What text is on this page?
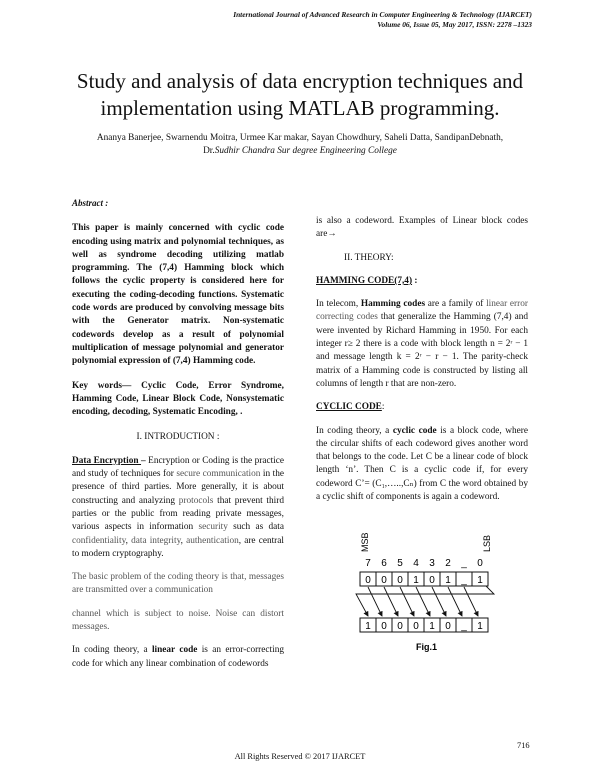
International Journal of Advanced Research in Computer Engineering & Technology (IJARCET)
Volume 06, Issue 05, May 2017, ISSN: 2278 –1323
Study and analysis of data encryption techniques and
implementation using MATLAB programming.
Ananya Banerjee, Swarnendu Moitra, Urmee Kar makar, Sayan Chowdhury, Saheli Datta, SandipanDebnath,
Dr.Sudhir Chandra Sur degree Engineering College

Abstract :

This paper is mainly concerned with cyclic code encoding using matrix and polynomial techniques, as well as syndrome decoding utilizing matlab programming. The (7,4) Hamming block which follows the cyclic property is considered here for executing the coding-decoding functions. Systematic code words are produced by convolving message bits with the Generator matrix. Non-systematic codewords develop as a result of polynomial multiplication of message polynomial and generator polynomial expression of (7,4) Hamming code.

Key words— Cyclic Code, Error Syndrome, Hamming Code, Linear Block Code, Nonsystematic encoding, decoding, Systematic Encoding, .

I. INTRODUCTION :

Data Encryption – Encryption or Coding is the practice and study of techniques for secure communication in the presence of third parties. More generally, it is about constructing and analyzing protocols that prevent third parties or the public from reading private messages, various aspects in information security such as data confidentiality, data integrity, authentication, are central to modern cryptography.

The basic problem of the coding theory is that, messages are transmitted over a communication

channel which is subject to noise. Noise can distort messages.

In coding theory, a linear code is an error-correcting code for which any linear combination of codewords

is also a codeword. Examples of Linear block codes are→

II. THEORY:

HAMMING CODE(7,4) :

In telecom, Hamming codes are a family of linear error correcting codes that generalize the Hamming (7,4) and were invented by Richard Hamming in 1950. For each integer r≥ 2 there is a code with block length n = 2ʳ − 1 and message length k = 2ʳ − r − 1. The parity-check matrix of a Hamming code is constructed by listing all columns of length r that are non-zero.

CYCLIC CODE:

In coding theory, a cyclic code is a block code, where the circular shifts of each codeword gives another word that belongs to the code. Let C be a linear code of block length ‘n’. Then C is a cyclic code if, for every codeword C’= (C₁,…..,Cₙ) from C the word obtained by a cyclic shift of components is again a codeword.

MSB	LSB
7 6 5 4 3 2 _ 0
0 0 0 1 0 1 _ 1
1 0 0 0 1 0 _ 1
Fig.1
716
All Rights Reserved © 2017 IJARCET
